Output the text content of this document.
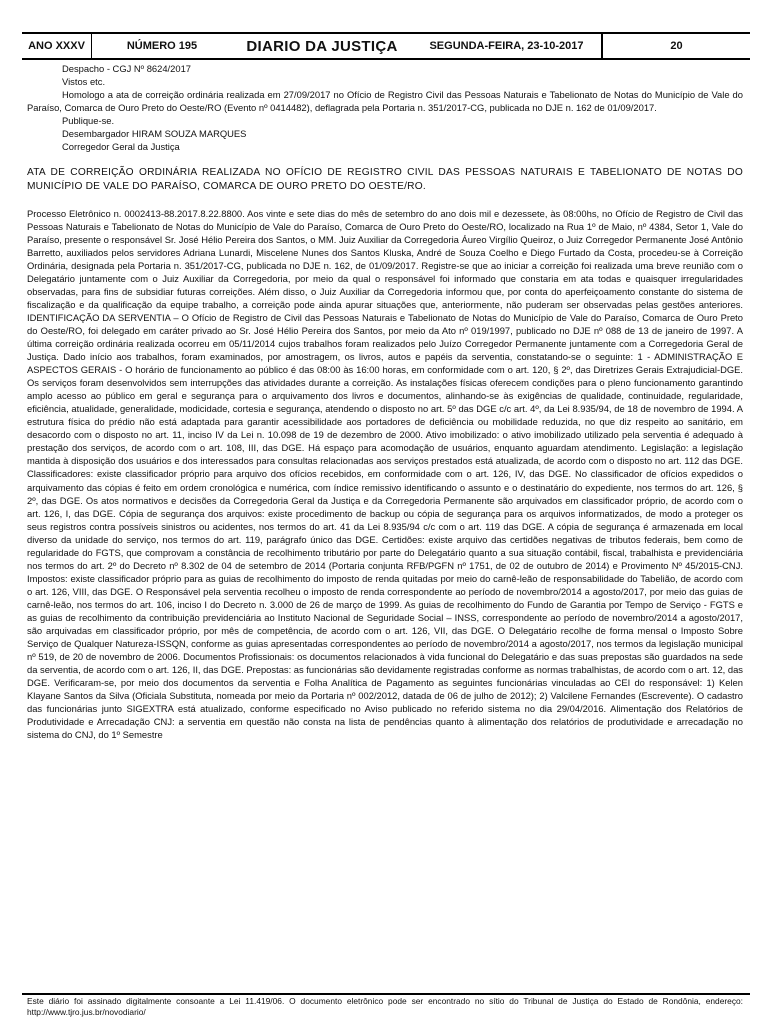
ANO XXXV	NÚMERO 195	DIARIO DA JUSTIÇA	SEGUNDA-FEIRA, 23-10-2017	20
Despacho - CGJ Nº 8624/2017
Vistos etc.
Homologo a ata de correição ordinária realizada em 27/09/2017 no Ofício de Registro Civil das Pessoas Naturais e Tabelionato de Notas do Município de Vale do Paraíso, Comarca de Ouro Preto do Oeste/RO (Evento nº 0414482), deflagrada pela Portaria n. 351/2017-CG, publicada no DJE n. 162 de 01/09/2017.
Publique-se.
Desembargador HIRAM SOUZA MARQUES
Corregedor Geral da Justiça
ATA DE CORREIÇÃO ORDINÁRIA REALIZADA NO OFÍCIO DE REGISTRO CIVIL DAS PESSOAS NATURAIS E TABELIONATO DE NOTAS DO MUNICÍPIO DE VALE DO PARAÍSO, COMARCA DE OURO PRETO DO OESTE/RO.
Processo Eletrônico n. 0002413-88.2017.8.22.8800. Aos vinte e sete dias do mês de setembro do ano dois mil e dezessete, às 08:00hs, no Ofício de Registro de Civil das Pessoas Naturais e Tabelionato de Notas do Município de Vale do Paraíso, Comarca de Ouro Preto do Oeste/RO, localizado na Rua 1º de Maio, nº 4384, Setor 1, Vale do Paraíso, presente o responsável Sr. José Hélio Pereira dos Santos, o MM. Juiz Auxiliar da Corregedoria Áureo Virgílio Queiroz, o Juiz Corregedor Permanente José Antônio Barretto, auxiliados pelos servidores Adriana Lunardi, Miscelene Nunes dos Santos Kluska, André de Souza Coelho e Diego Furtado da Costa, procedeu-se à Correição Ordinária, designada pela Portaria n. 351/2017-CG, publicada no DJE n. 162, de 01/09/2017. Registre-se que ao iniciar a correição foi realizada uma breve reunião com o Delegatário juntamente com o Juiz Auxiliar da Corregedoria, por meio da qual o responsável foi informado que constaria em ata todas e quaisquer irregularidades observadas, para fins de subsidiar futuras correições. Além disso, o Juiz Auxiliar da Corregedoria informou que, por conta do aperfeiçoamento constante do sistema de fiscalização e da qualificação da equipe trabalho, a correição pode ainda apurar situações que, anteriormente, não puderam ser observadas pelas gestões anteriores. IDENTIFICAÇÃO DA SERVENTIA – O Ofício de Registro de Civil das Pessoas Naturais e Tabelionato de Notas do Município de Vale do Paraíso, Comarca de Ouro Preto do Oeste/RO, foi delegado em caráter privado ao Sr. José Hélio Pereira dos Santos, por meio da Ato nº 019/1997, publicado no DJE nº 088 de 13 de janeiro de 1997. A última correição ordinária realizada ocorreu em 05/11/2014 cujos trabalhos foram realizados pelo Juízo Corregedor Permanente juntamente com a Corregedoria Geral de Justiça. Dado início aos trabalhos, foram examinados, por amostragem, os livros, autos e papéis da serventia, constatando-se o seguinte: 1 - ADMINISTRAÇÃO E ASPECTOS GERAIS - O horário de funcionamento ao público é das 08:00 às 16:00 horas, em conformidade com o art. 120, § 2º, das Diretrizes Gerais Extrajudicial-DGE. Os serviços foram desenvolvidos sem interrupções das atividades durante a correição. As instalações físicas oferecem condições para o pleno funcionamento garantindo amplo acesso ao público em geral e segurança para o arquivamento dos livros e documentos, alinhando-se às exigências de qualidade, continuidade, regularidade, eficiência, atualidade, generalidade, modicidade, cortesia e segurança, atendendo o disposto no art. 5º das DGE c/c art. 4º, da Lei 8.935/94, de 18 de novembro de 1994. A estrutura física do prédio não está adaptada para garantir acessibilidade aos portadores de deficiência ou mobilidade reduzida, no que diz respeito ao sanitário, em desacordo com o disposto no art. 11, inciso IV da Lei n. 10.098 de 19 de dezembro de 2000. Ativo imobilizado: o ativo imobilizado utilizado pela serventia é adequado à prestação dos serviços, de acordo com o art. 108, III, das DGE. Há espaço para acomodação de usuários, enquanto aguardam atendimento. Legislação: a legislação mantida à disposição dos usuários e dos interessados para consultas relacionadas aos serviços prestados está atualizada, de acordo com o disposto no art. 112 das DGE. Classificadores: existe classificador próprio para arquivo dos ofícios recebidos, em conformidade com o art. 126, IV, das DGE. No classificador de ofícios expedidos o arquivamento das cópias é feito em ordem cronológica e numérica, com índice remissivo identificando o assunto e o destinatário do expediente, nos termos do art. 126, § 2º, das DGE. Os atos normativos e decisões da Corregedoria Geral da Justiça e da Corregedoria Permanente são arquivados em classificador próprio, de acordo com o art. 126, I, das DGE. Cópia de segurança dos arquivos: existe procedimento de backup ou cópia de segurança para os arquivos informatizados, de modo a proteger os seus registros contra possíveis sinistros ou acidentes, nos termos do art. 41 da Lei 8.935/94 c/c com o art. 119 das DGE. A cópia de segurança é armazenada em local diverso da unidade do serviço, nos termos do art. 119, parágrafo único das DGE. Certidões: existe arquivo das certidões negativas de tributos federais, bem como de regularidade do FGTS, que comprovam a constância de recolhimento tributário por parte do Delegatário quanto a sua situação contábil, fiscal, trabalhista e previdenciária nos termos do art. 2º do Decreto nº 8.302 de 04 de setembro de 2014 (Portaria conjunta RFB/PGFN nº 1751, de 02 de outubro de 2014) e Provimento Nº 45/2015-CNJ. Impostos: existe classificador próprio para as guias de recolhimento do imposto de renda quitadas por meio do carnê-leão de responsabilidade do Tabelião, de acordo com o art. 126, VIII, das DGE. O Responsável pela serventia recolheu o imposto de renda correspondente ao período de novembro/2014 a agosto/2017, por meio das guias de carnê-leão, nos termos do art. 106, inciso I do Decreto n. 3.000 de 26 de março de 1999. As guias de recolhimento do Fundo de Garantia por Tempo de Serviço - FGTS e as guias de recolhimento da contribuição previdenciária ao Instituto Nacional de Seguridade Social – INSS, correspondente ao período de novembro/2014 a agosto/2017, são arquivadas em classificador próprio, por mês de competência, de acordo com o art. 126, VII, das DGE. O Delegatário recolhe de forma mensal o Imposto Sobre Serviço de Qualquer Natureza-ISSQN, conforme as guias apresentadas correspondentes ao período de novembro/2014 a agosto/2017, nos termos da legislação municipal nº 519, de 20 de novembro de 2006. Documentos Profissionais: os documentos relacionados à vida funcional do Delegatário e das suas prepostas são guardados na sede da serventia, de acordo com o art. 126, II, das DGE. Prepostas: as funcionárias são devidamente registradas conforme as normas trabalhistas, de acordo com o art. 12, das DGE. Verificaram-se, por meio dos documentos da serventia e Folha Analítica de Pagamento as seguintes funcionárias vinculadas ao CEI do responsável: 1) Kelen Klayane Santos da Silva (Oficiala Substituta, nomeada por meio da Portaria nº 002/2012, datada de 06 de julho de 2012); 2) Valcilene Fernandes (Escrevente). O cadastro das funcionárias junto SIGEXTRA está atualizado, conforme especificado no Aviso publicado no referido sistema no dia 29/04/2016. Alimentação dos Relatórios de Produtividade e Arrecadação CNJ: a serventia em questão não consta na lista de pendências quanto à alimentação dos relatórios de produtividade e arrecadação no sistema do CNJ, do 1º Semestre
Este diário foi assinado digitalmente consoante a Lei 11.419/06. O documento eletrônico pode ser encontrado no sítio do Tribunal de Justiça do Estado de Rondônia, endereço: http://www.tjro.jus.br/novodiario/
